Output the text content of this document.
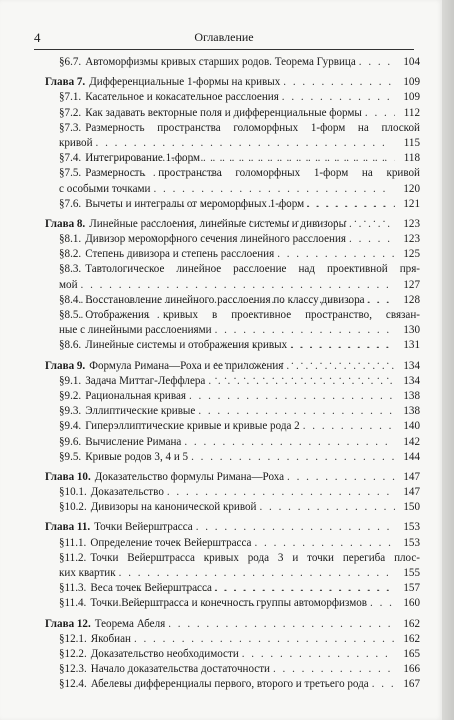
4	Оглавление
§6.7. Автоморфизмы кривых старших родов. Теорема Гурвица . . .	104
Глава 7. Дифференциальные 1-формы на кривых . . .	109
§7.1. Касательное и кокасательное расслоения . . .	109
§7.2. Как задавать векторные поля и дифференциальные формы . . .	112
§7.3. Размерность пространства голоморфных 1-форм на плоской
кривой . . .	115
§7.4. Интегрирование 1-форм . . .	118
§7.5. Размерность пространства голоморфных 1-форм на кривой
с особыми точками . . .	120
§7.6. Вычеты и интегралы от мероморфных 1-форм . . .	121
Глава 8. Линейные расслоения, линейные системы и дивизоры . . .	123
§8.1. Дивизор мероморфного сечения линейного расслоения . . .	123
§8.2. Степень дивизора и степень расслоения . . .	125
§8.3. Тавтологическое линейное расслоение над проективной пря-
мой . . .	127
§8.4. Восстановление линейного расслоения по классу дивизора . . .	128
§8.5. Отображения кривых в проективное пространство, связан-
ные с линейными расслоениями . . .	130
§8.6. Линейные системы и отображения кривых . . .	131
Глава 9. Формула Римана—Роха и ее приложения . . .	134
§9.1. Задача Миттаг-Леффлера . . .	134
§9.2. Рациональная кривая . . .	138
§9.3. Эллиптические кривые . . .	138
§9.4. Гиперэллиптические кривые и кривые рода 2 . . .	140
§9.6. Вычисление Римана . . .	142
§9.5. Кривые родов 3, 4 и 5 . . .	144
Глава 10. Доказательство формулы Римана—Роха . . .	147
§10.1. Доказательство . . .	147
§10.2. Дивизоры на канонической кривой . . .	150
Глава 11. Точки Вейерштрасса . . .	153
§11.1. Определение точек Вейерштрасса . . .	153
§11.2. Точки Вейерштрасса кривых рода 3 и точки перегиба плос-
ких квартик . . .	155
§11.3. Веса точек Вейерштрасса . . .	157
§11.4. Точки Вейерштрасса и конечность группы автоморфизмов . . .	160
Глава 12. Теорема Абеля . . .	162
§12.1. Якобиан . . .	162
§12.2. Доказательство необходимости . . .	165
§12.3. Начало доказательства достаточности . . .	166
§12.4. Абелевы дифференциалы первого, второго и третьего рода . . .	167
